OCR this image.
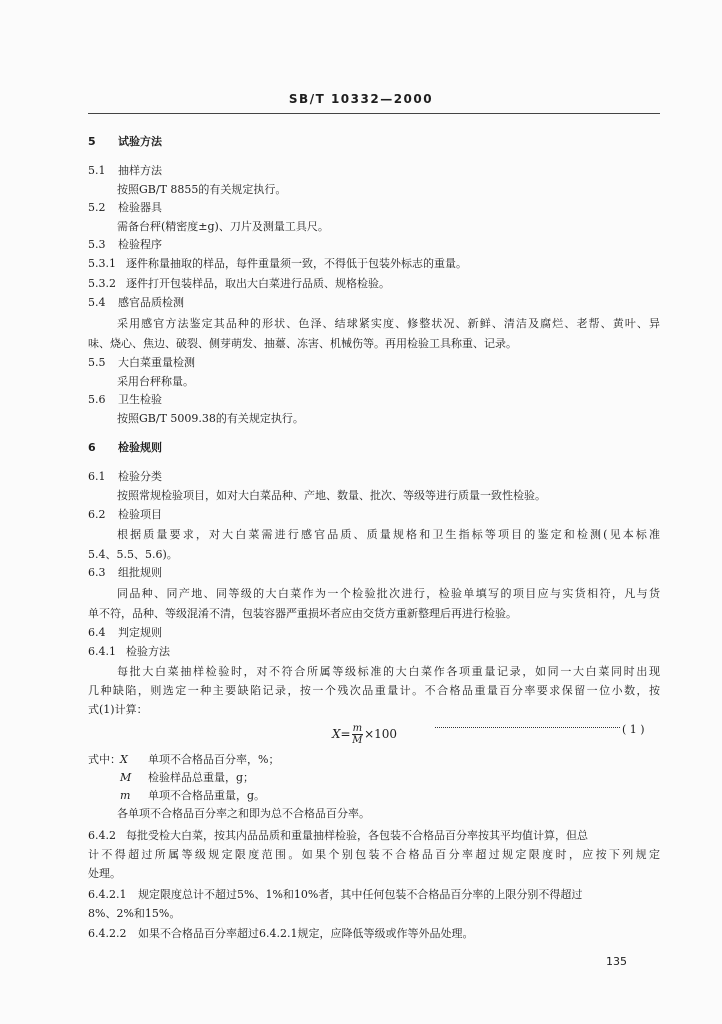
SB/T 10332—2000
5 试验方法
5.1 抽样方法
按照GB/T 8855的有关规定执行。
5.2 检验器具
需备台秤(精密度±g)、刀片及测量工具尺。
5.3 检验程序
5.3.1 逐件称量抽取的样品，每件重量须一致，不得低于包装外标志的重量。
5.3.2 逐件打开包装样品，取出大白菜进行品质、规格检验。
5.4 感官品质检测
采用感官方法鉴定其品种的形状、色泽、结球紧实度、修整状况、新鲜、清洁及腐烂、老帮、黄叶、异
味、烧心、焦边、破裂、侧芽萌发、抽薹、冻害、机械伤等。再用检验工具称重、记录。
5.5 大白菜重量检测
采用台秤称量。
5.6 卫生检验
按照GB/T 5009.38的有关规定执行。
6 检验规则
6.1 检验分类
按照常规检验项目，如对大白菜品种、产地、数量、批次、等级等进行质量一致性检验。
6.2 检验项目
根据质量要求，对大白菜需进行感官品质、质量规格和卫生指标等项目的鉴定和检测(见本标准
5.4、5.5、5.6)。
6.3 组批规则
同品种、同产地、同等级的大白菜作为一个检验批次进行，检验单填写的项目应与实货相符，凡与货
单不符，品种、等级混淆不清，包装容器严重损坏者应由交货方重新整理后再进行检验。
6.4 判定规则
6.4.1 检验方法
每批大白菜抽样检验时，对不符合所属等级标准的大白菜作各项重量记录，如同一大白菜同时出现
几种缺陷，则选定一种主要缺陷记录，按一个残次品重量计。不合格品重量百分率要求保留一位小数，按
式(1)计算：
$X= \frac{m}{M} \times 100$	( 1 )
式中：X 单项不合格品百分率，%；
M 检验样品总重量，g；
m 单项不合格品重量，g。
各单项不合格品百分率之和即为总不合格品百分率。
6.4.2 每批受检大白菜，按其内品品质和重量抽样检验，各包装不合格品百分率按其平均值计算，但总
计不得超过所属等级规定限度范围。如果个别包装不合格品百分率超过规定限度时，应按下列规定
处理。
6.4.2.1 规定限度总计不超过5%、1%和10%者，其中任何包装不合格品百分率的上限分别不得超过
8%、2%和15%。
6.4.2.2 如果不合格品百分率超过6.4.2.1规定，应降低等级或作等外品处理。
135
